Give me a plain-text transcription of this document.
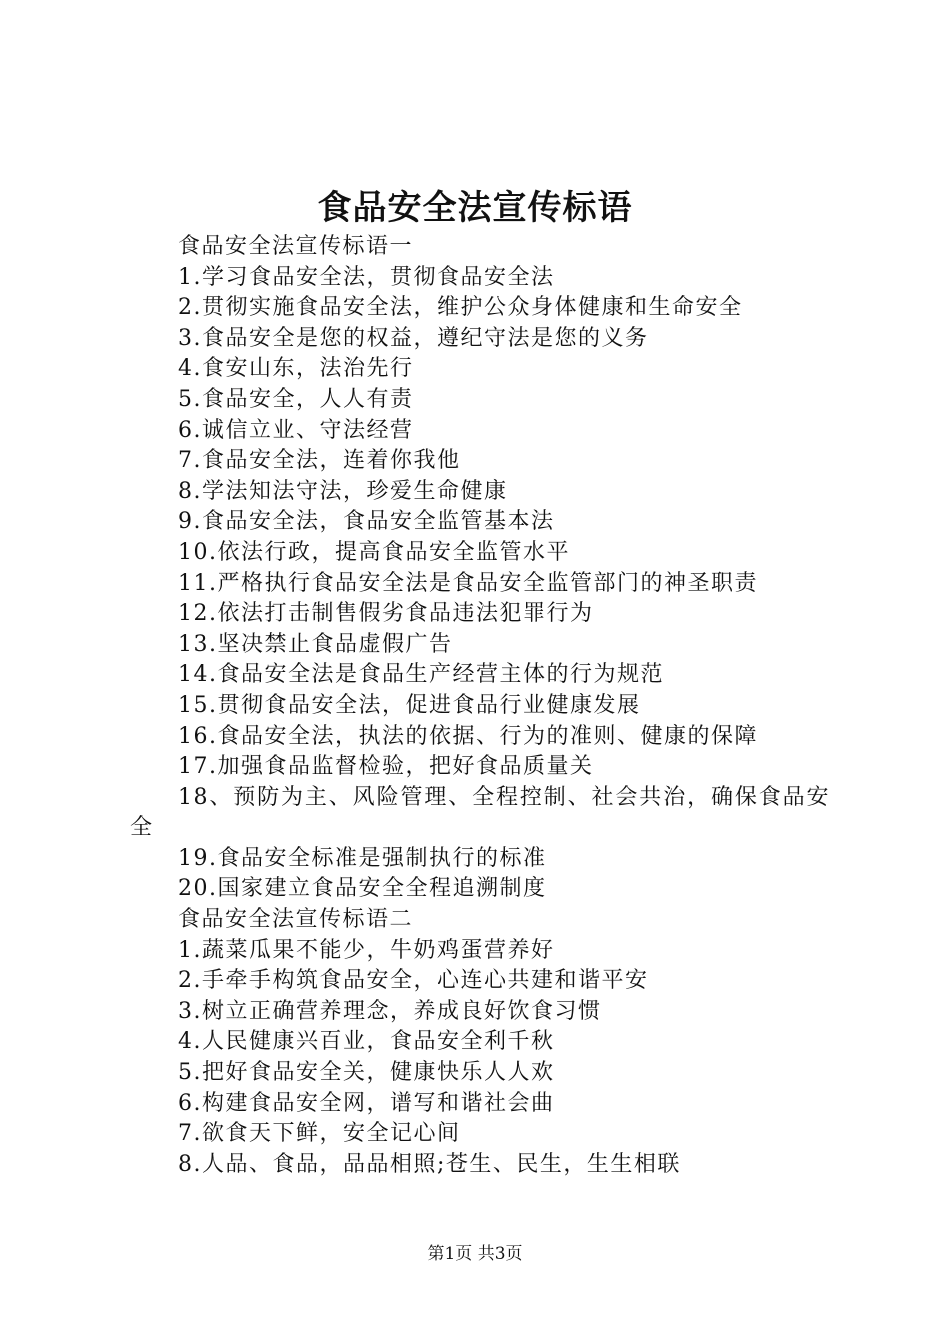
食品安全法宣传标语
食品安全法宣传标语一
1.学习食品安全法，贯彻食品安全法
2.贯彻实施食品安全法，维护公众身体健康和生命安全
3.食品安全是您的权益，遵纪守法是您的义务
4.食安山东，法治先行
5.食品安全，人人有责
6.诚信立业、守法经营
7.食品安全法，连着你我他
8.学法知法守法，珍爱生命健康
9.食品安全法，食品安全监管基本法
10.依法行政，提高食品安全监管水平
11.严格执行食品安全法是食品安全监管部门的神圣职责
12.依法打击制售假劣食品违法犯罪行为
13.坚决禁止食品虚假广告
14.食品安全法是食品生产经营主体的行为规范
15.贯彻食品安全法，促进食品行业健康发展
16.食品安全法，执法的依据、行为的准则、健康的保障
17.加强食品监督检验，把好食品质量关
18、预防为主、风险管理、全程控制、社会共治，确保食品安全
19.食品安全标准是强制执行的标准
20.国家建立食品安全全程追溯制度
食品安全法宣传标语二
1.蔬菜瓜果不能少，牛奶鸡蛋营养好
2.手牵手构筑食品安全，心连心共建和谐平安
3.树立正确营养理念，养成良好饮食习惯
4.人民健康兴百业，食品安全利千秋
5.把好食品安全关，健康快乐人人欢
6.构建食品安全网，谱写和谐社会曲
7.欲食天下鲜，安全记心间
8.人品、食品，品品相照;苍生、民生，生生相联
第1页 共3页
